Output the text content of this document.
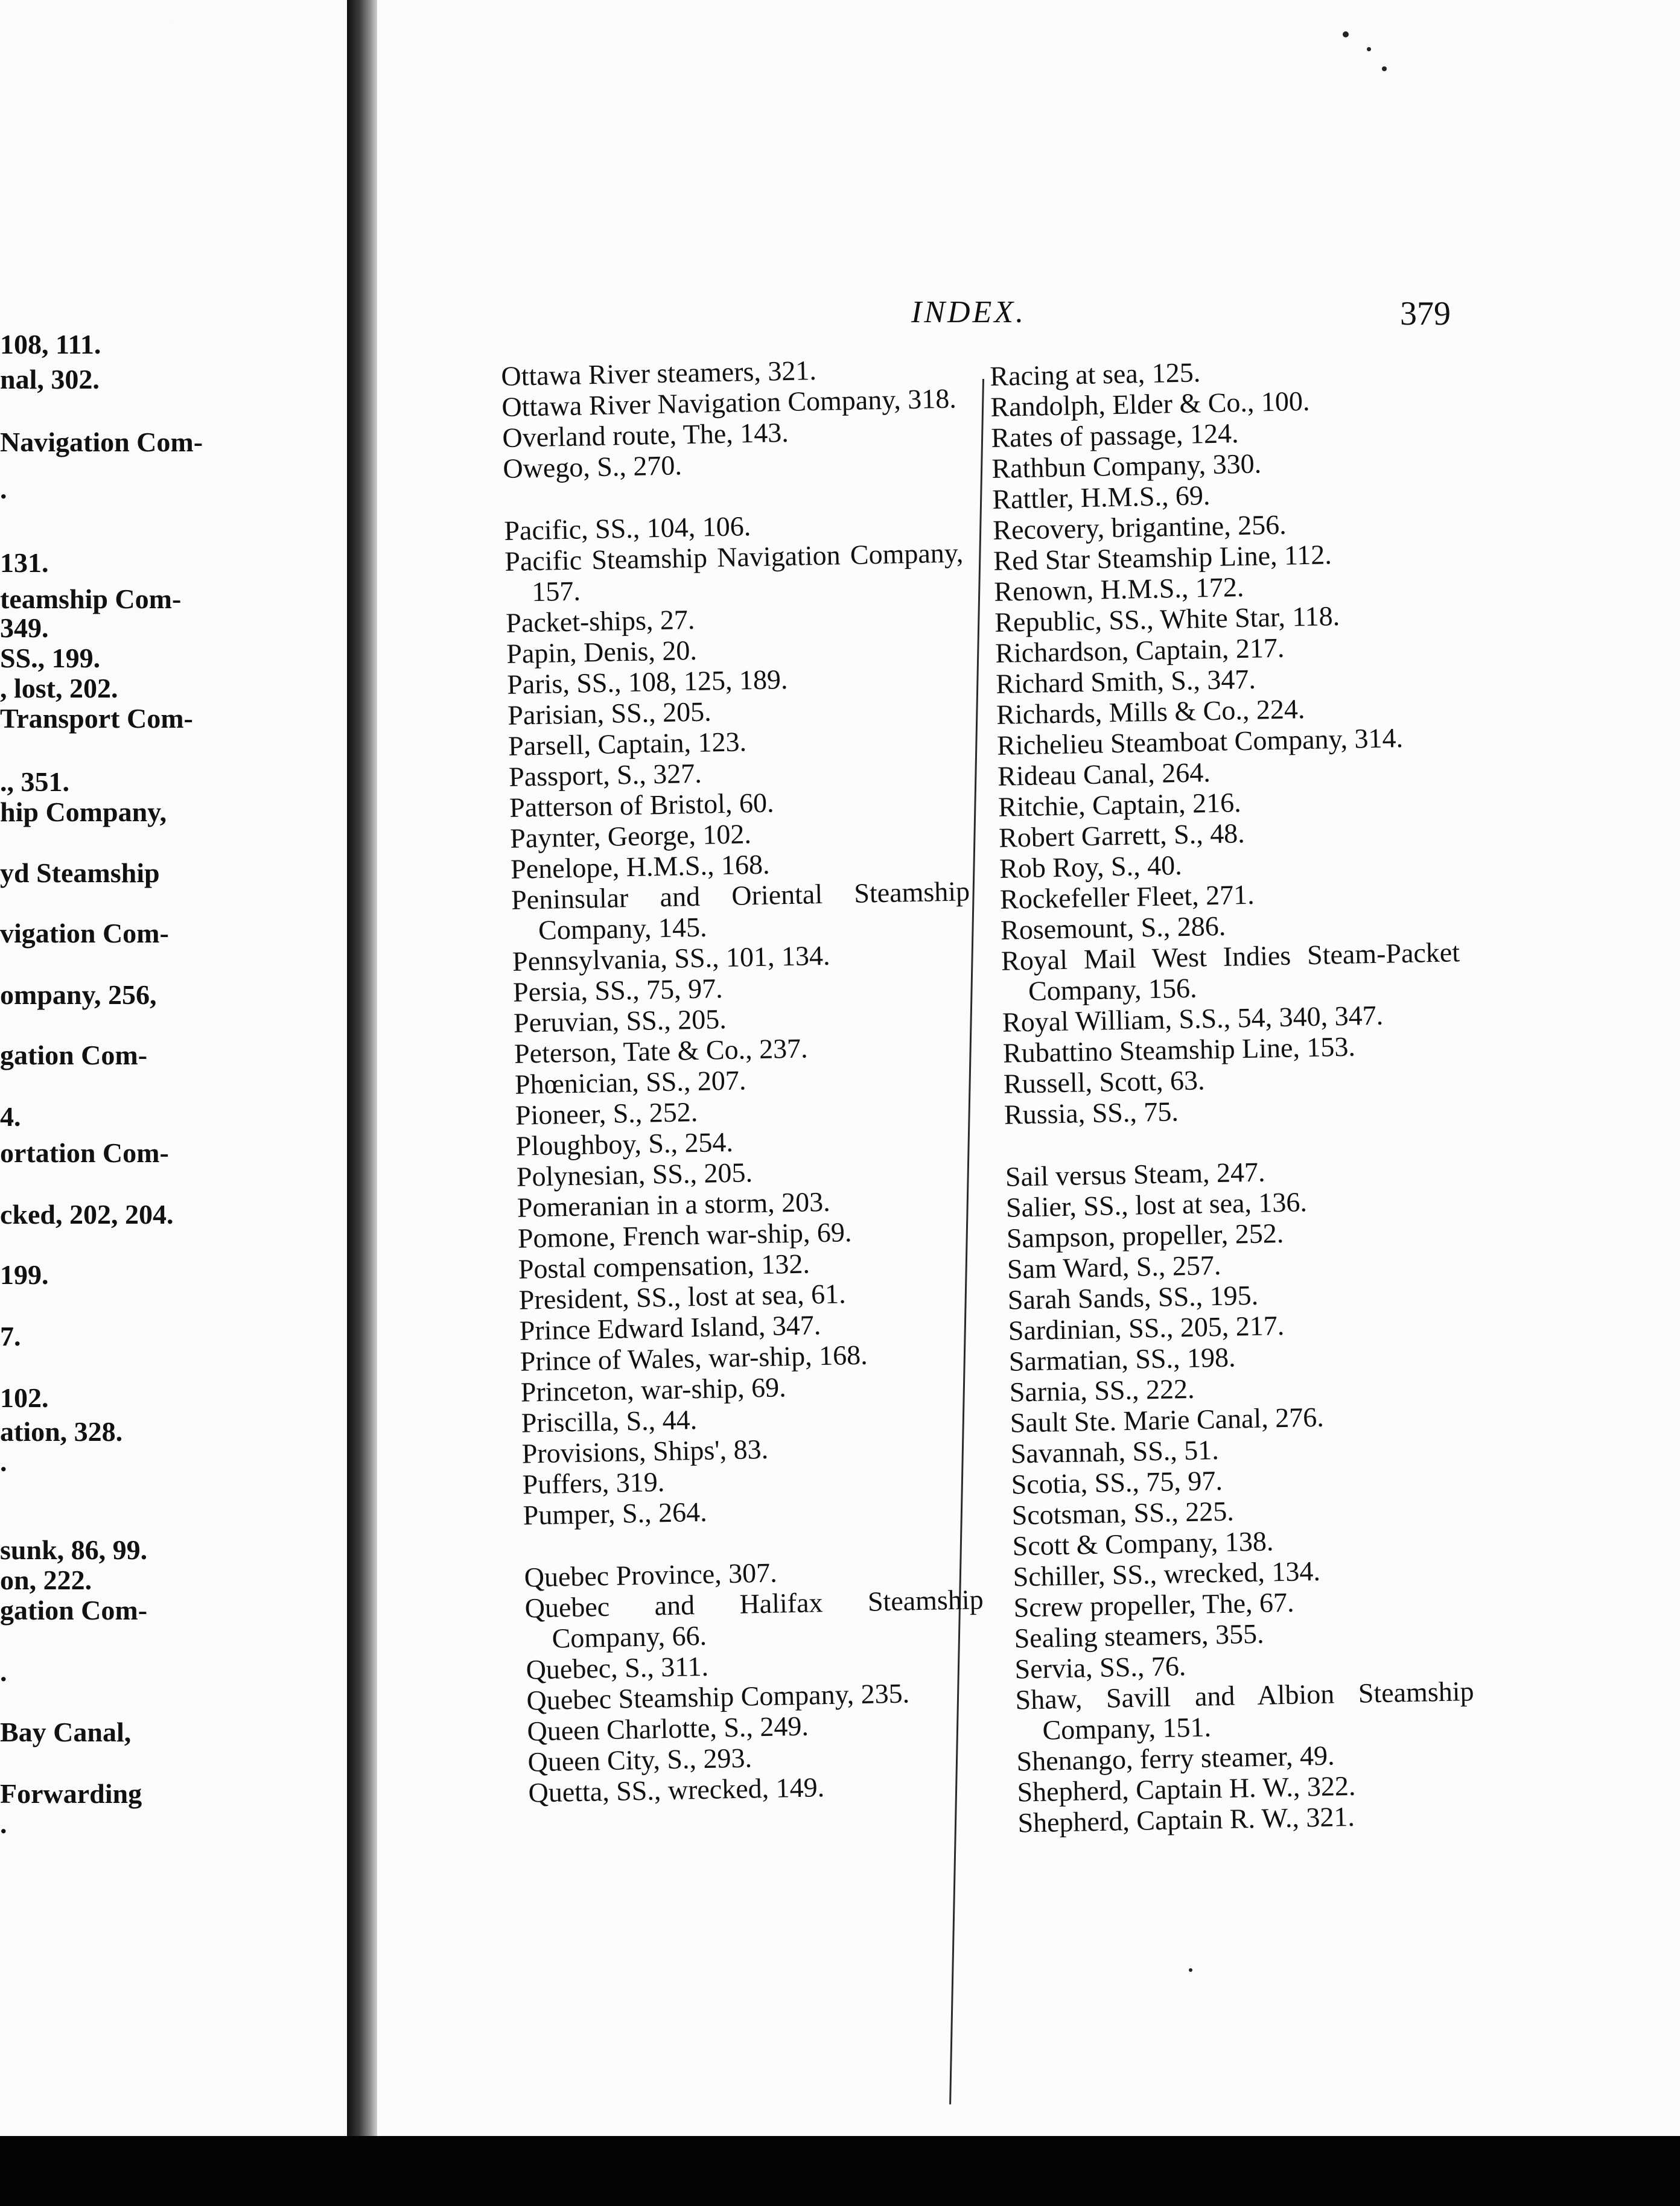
108, 111.
nal, 302.
Navigation Com-
.
131.
teamship Com-
349.
SS., 199.
, lost, 202.
Transport Com-
., 351.
hip Company,
yd Steamship
vigation Com-
ompany, 256,
gation Com-
4.
ortation Com-
cked, 202, 204.
199.
7.
102.
ation, 328.
.
sunk, 86, 99.
on, 222.
gation Com-
.
Bay Canal,
Forwarding
.
INDEX.	379

Ottawa River steamers, 321.

Ottawa River Navigation Company, 318.

Overland route, The, 143.

Owego, S., 270.

Pacific, SS., 104, 106.

Pacific Steamship Navigation Company, 157.

Packet-ships, 27.

Papin, Denis, 20.

Paris, SS., 108, 125, 189.

Parisian, SS., 205.

Parsell, Captain, 123.

Passport, S., 327.

Patterson of Bristol, 60.

Paynter, George, 102.

Penelope, H.M.S., 168.

Peninsular and Oriental Steamship Company, 145.

Pennsylvania, SS., 101, 134.

Persia, SS., 75, 97.

Peruvian, SS., 205.

Peterson, Tate & Co., 237.

Phœnician, SS., 207.

Pioneer, S., 252.

Ploughboy, S., 254.

Polynesian, SS., 205.

Pomeranian in a storm, 203.

Pomone, French war-ship, 69.

Postal compensation, 132.

President, SS., lost at sea, 61.

Prince Edward Island, 347.

Prince of Wales, war-ship, 168.

Princeton, war-ship, 69.

Priscilla, S., 44.

Provisions, Ships', 83.

Puffers, 319.

Pumper, S., 264.

Quebec Province, 307.

Quebec and Halifax Steamship Company, 66.

Quebec, S., 311.

Quebec Steamship Company, 235.

Queen Charlotte, S., 249.

Queen City, S., 293.

Quetta, SS., wrecked, 149.

Racing at sea, 125.

Randolph, Elder & Co., 100.

Rates of passage, 124.

Rathbun Company, 330.

Rattler, H.M.S., 69.

Recovery, brigantine, 256.

Red Star Steamship Line, 112.

Renown, H.M.S., 172.

Republic, SS., White Star, 118.

Richardson, Captain, 217.

Richard Smith, S., 347.

Richards, Mills & Co., 224.

Richelieu Steamboat Company, 314.

Rideau Canal, 264.

Ritchie, Captain, 216.

Robert Garrett, S., 48.

Rob Roy, S., 40.

Rockefeller Fleet, 271.

Rosemount, S., 286.

Royal Mail West Indies Steam-Packet Company, 156.

Royal William, S.S., 54, 340, 347.

Rubattino Steamship Line, 153.

Russell, Scott, 63.

Russia, SS., 75.

Sail versus Steam, 247.

Salier, SS., lost at sea, 136.

Sampson, propeller, 252.

Sam Ward, S., 257.

Sarah Sands, SS., 195.

Sardinian, SS., 205, 217.

Sarmatian, SS., 198.

Sarnia, SS., 222.

Sault Ste. Marie Canal, 276.

Savannah, SS., 51.

Scotia, SS., 75, 97.

Scotsman, SS., 225.

Scott & Company, 138.

Schiller, SS., wrecked, 134.

Screw propeller, The, 67.

Sealing steamers, 355.

Servia, SS., 76.

Shaw, Savill and Albion Steamship Company, 151.

Shenango, ferry steamer, 49.

Shepherd, Captain H. W., 322.

Shepherd, Captain R. W., 321.
